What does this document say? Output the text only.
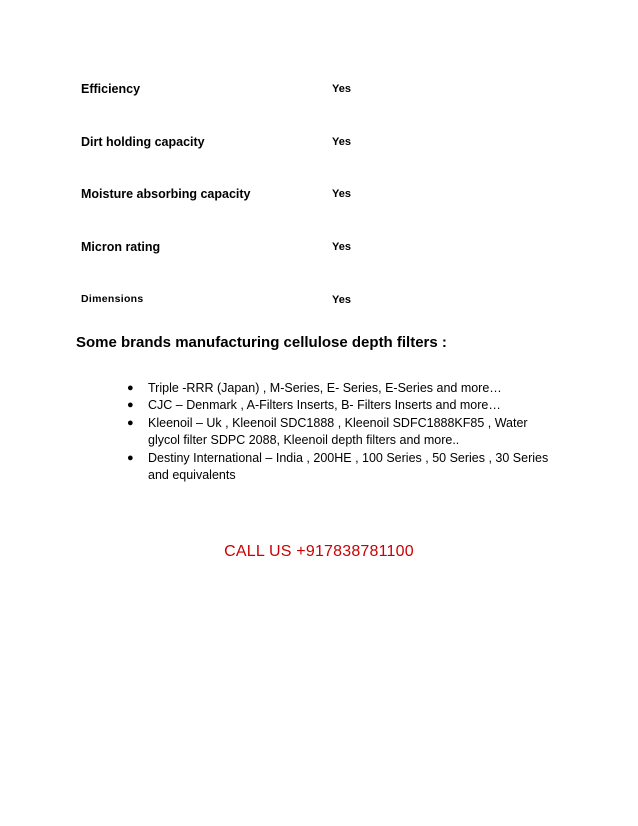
Efficiency	Yes
Dirt holding capacity	Yes
Moisture absorbing capacity	Yes
Micron rating	Yes
Dimensions	Yes
Some brands manufacturing cellulose depth filters :
● Triple -RRR (Japan) , M-Series, E- Series, E-Series and more…
● CJC – Denmark , A-Filters Inserts, B- Filters Inserts and more…
● Kleenoil – Uk , Kleenoil SDC1888 , Kleenoil SDFC1888KF85 , Water glycol filter SDPC 2088, Kleenoil depth filters and more..
● Destiny International – India , 200HE , 100 Series , 50 Series , 30 Series and equivalents
CALL US +917838781100
